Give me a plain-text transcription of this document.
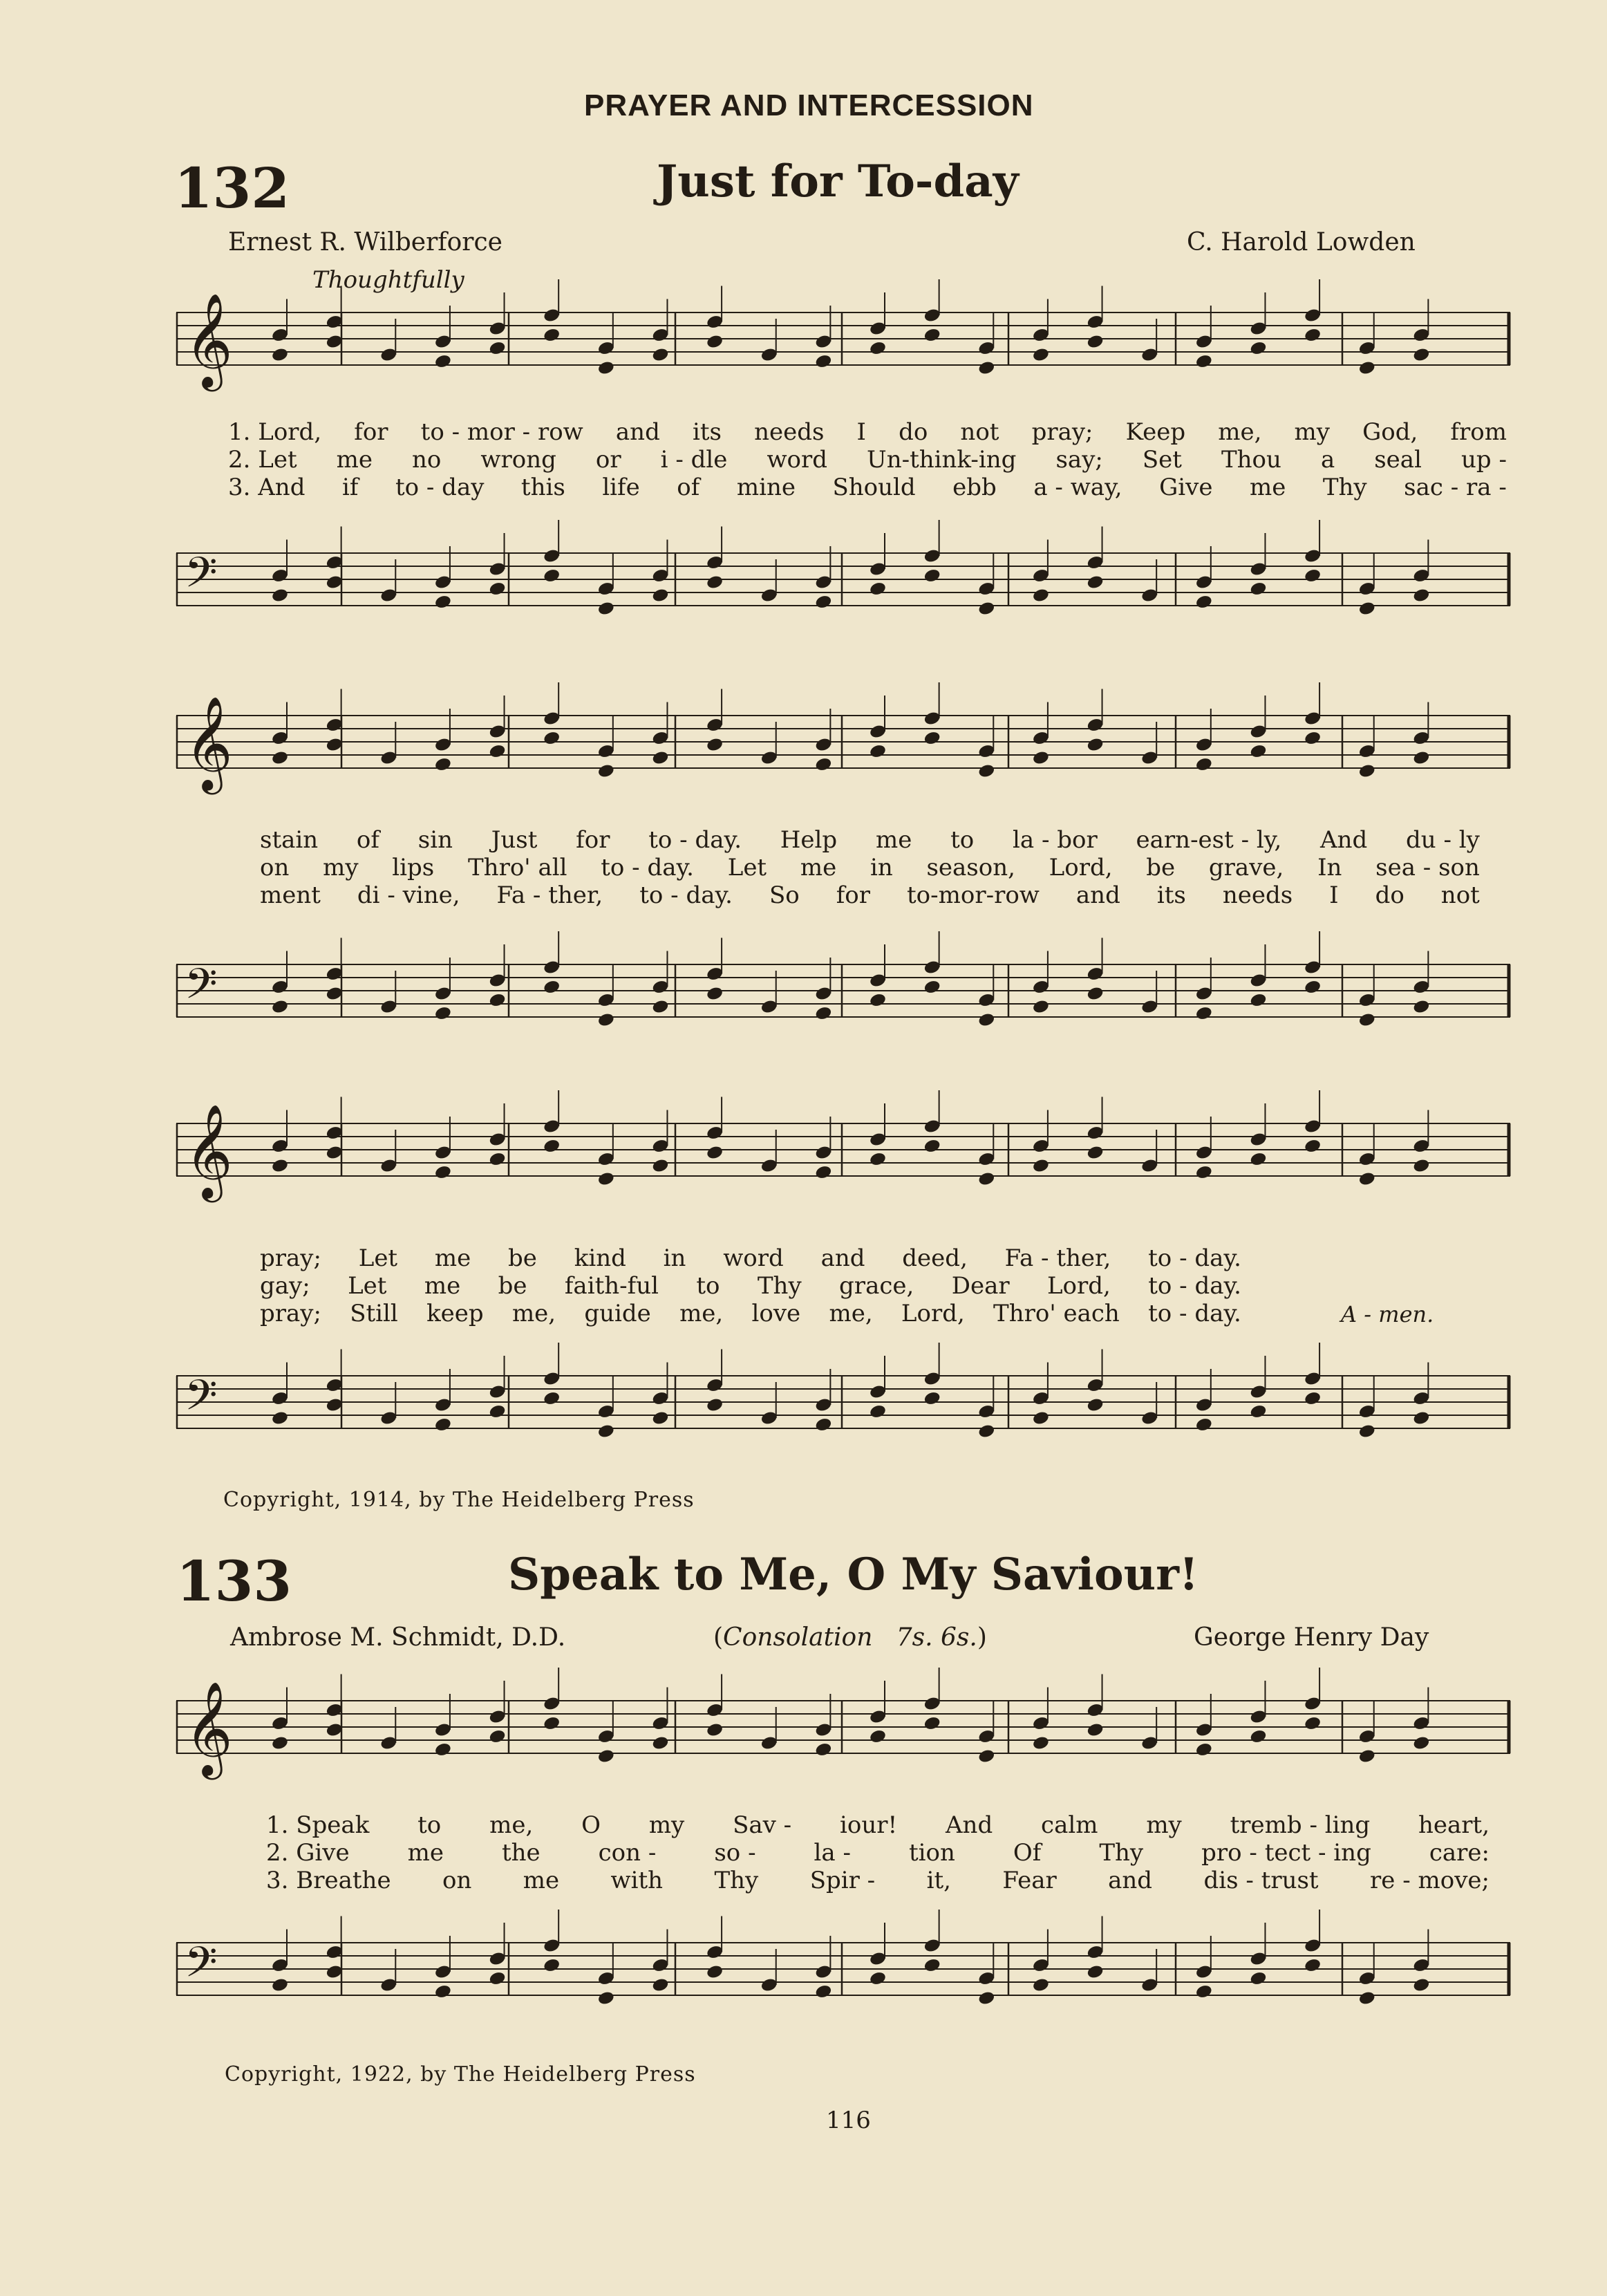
PRAYER AND INTERCESSION
132	Just for To-day
Ernest R. Wilberforce	C. Harold Lowden
Thoughtfully
𝄞
1. Lord, for to - mor - row and its needs I do not pray; Keep me, my God, from
2. Let me no wrong or i - dle word Un-think-ing say; Set Thou a seal up -
3. And if to - day this life of mine Should ebb a - way, Give me Thy sac - ra -
𝄢
𝄞
stain of sin Just for to - day. Help me to la - bor earn-est - ly, And du - ly
on my lips Thro' all to - day. Let me in season, Lord, be grave, In sea - son
ment di - vine, Fa - ther, to - day. So for to-mor-row and its needs I do not
𝄢
𝄞
pray; Let me be kind in word and deed, Fa - ther, to - day.
gay; Let me be faith-ful to Thy grace, Dear Lord, to - day.
pray; Still keep me, guide me, love me, Lord, Thro' each to - day.	A - men.
𝄢
Copyright, 1914, by The Heidelberg Press
133	Speak to Me, O My Saviour!
Ambrose M. Schmidt, D.D.	(Consolation 7s. 6s.)	George Henry Day
𝄞
1. Speak to me, O my Sav - iour! And calm my tremb - ling heart,
2. Give me the con - so - la - tion Of Thy pro - tect - ing care:
3. Breathe on me with Thy Spir - it, Fear and dis - trust re - move;
𝄢
Copyright, 1922, by The Heidelberg Press
116
